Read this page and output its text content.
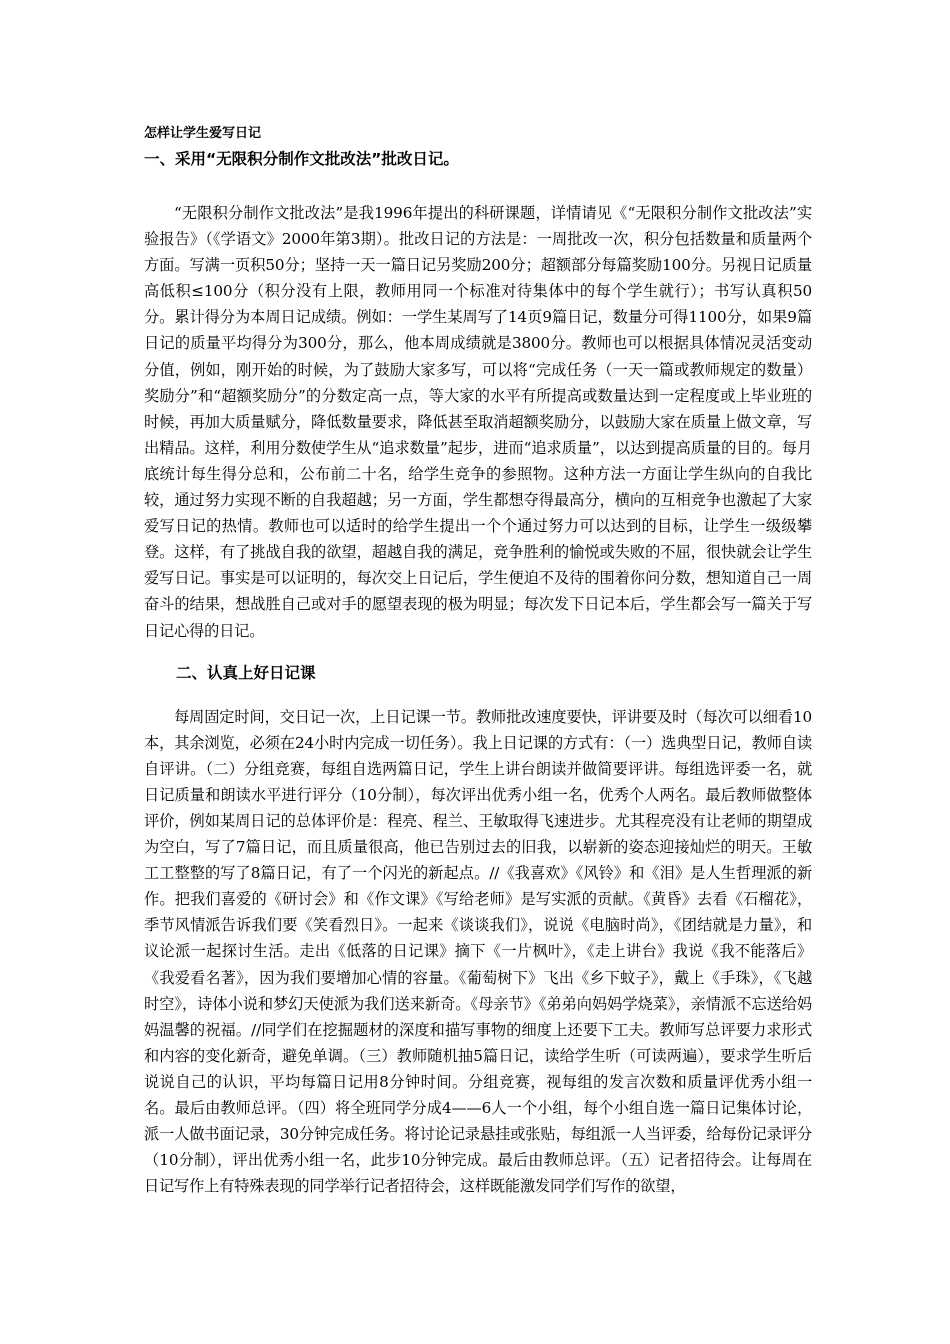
怎样让学生爱写日记
一、采用“无限积分制作文批改法”批改日记。

“无限积分制作文批改法”是我1996年提出的科研课题，详情请见《“无限积分制作文批改法”实验报告》（《学语文》2000年第3期）。批改日记的方法是：一周批改一次，积分包括数量和质量两个方面。写满一页积50分；坚持一天一篇日记另奖励200分；超额部分每篇奖励100分。另视日记质量高低积≤100分（积分没有上限，教师用同一个标准对待集体中的每个学生就行）；书写认真积50分。累计得分为本周日记成绩。例如：一学生某周写了14页9篇日记，数量分可得1100分，如果9篇日记的质量平均得分为300分，那么，他本周成绩就是3800分。教师也可以根据具体情况灵活变动分值，例如，刚开始的时候，为了鼓励大家多写，可以将“完成任务（一天一篇或教师规定的数量）奖励分”和“超额奖励分”的分数定高一点，等大家的水平有所提高或数量达到一定程度或上毕业班的时候，再加大质量赋分，降低数量要求，降低甚至取消超额奖励分，以鼓励大家在质量上做文章，写出精品。这样，利用分数使学生从“追求数量”起步，进而“追求质量”，以达到提高质量的目的。每月底统计每生得分总和，公布前二十名，给学生竞争的参照物。这种方法一方面让学生纵向的自我比较，通过努力实现不断的自我超越；另一方面，学生都想夺得最高分，横向的互相竞争也激起了大家爱写日记的热情。教师也可以适时的给学生提出一个个通过努力可以达到的目标，让学生一级级攀登。这样，有了挑战自我的欲望，超越自我的满足，竞争胜利的愉悦或失败的不屈，很快就会让学生爱写日记。事实是可以证明的，每次交上日记后，学生便迫不及待的围着你问分数，想知道自己一周奋斗的结果，想战胜自己或对手的愿望表现的极为明显；每次发下日记本后，学生都会写一篇关于写日记心得的日记。

二、认真上好日记课

每周固定时间，交日记一次，上日记课一节。教师批改速度要快，评讲要及时（每次可以细看10本，其余浏览，必须在24小时内完成一切任务）。我上日记课的方式有：（一）选典型日记，教师自读自评讲。（二）分组竞赛，每组自选两篇日记，学生上讲台朗读并做简要评讲。每组选评委一名，就日记质量和朗读水平进行评分（10分制），每次评出优秀小组一名，优秀个人两名。最后教师做整体评价，例如某周日记的总体评价是：程亮、程兰、王敏取得飞速进步。尤其程亮没有让老师的期望成为空白，写了7篇日记，而且质量很高，他已告别过去的旧我，以崭新的姿态迎接灿烂的明天。王敏工工整整的写了8篇日记，有了一个闪光的新起点。//《我喜欢》《风铃》和《泪》是人生哲理派的新作。把我们喜爱的《研讨会》和《作文课》《写给老师》是写实派的贡献。《黄昏》去看《石榴花》，季节风情派告诉我们要《笑看烈日》。一起来《谈谈我们》，说说《电脑时尚》，《团结就是力量》，和议论派一起探讨生活。走出《低落的日记课》摘下《一片枫叶》，《走上讲台》我说《我不能落后》《我爱看名著》，因为我们要增加心情的容量。《葡萄树下》飞出《乡下蚊子》，戴上《手珠》，《飞越时空》，诗体小说和梦幻天使派为我们送来新奇。《母亲节》《弟弟向妈妈学烧菜》，亲情派不忘送给妈妈温馨的祝福。//同学们在挖掘题材的深度和描写事物的细度上还要下工夫。教师写总评要力求形式和内容的变化新奇，避免单调。（三）教师随机抽5篇日记，读给学生听（可读两遍），要求学生听后说说自己的认识，平均每篇日记用8分钟时间。分组竞赛，视每组的发言次数和质量评优秀小组一名。最后由教师总评。（四）将全班同学分成4——6人一个小组，每个小组自选一篇日记集体讨论，派一人做书面记录，30分钟完成任务。将讨论记录悬挂或张贴，每组派一人当评委，给每份记录评分（10分制），评出优秀小组一名，此步10分钟完成。最后由教师总评。（五）记者招待会。让每周在日记写作上有特殊表现的同学举行记者招待会，这样既能激发同学们写作的欲望，
